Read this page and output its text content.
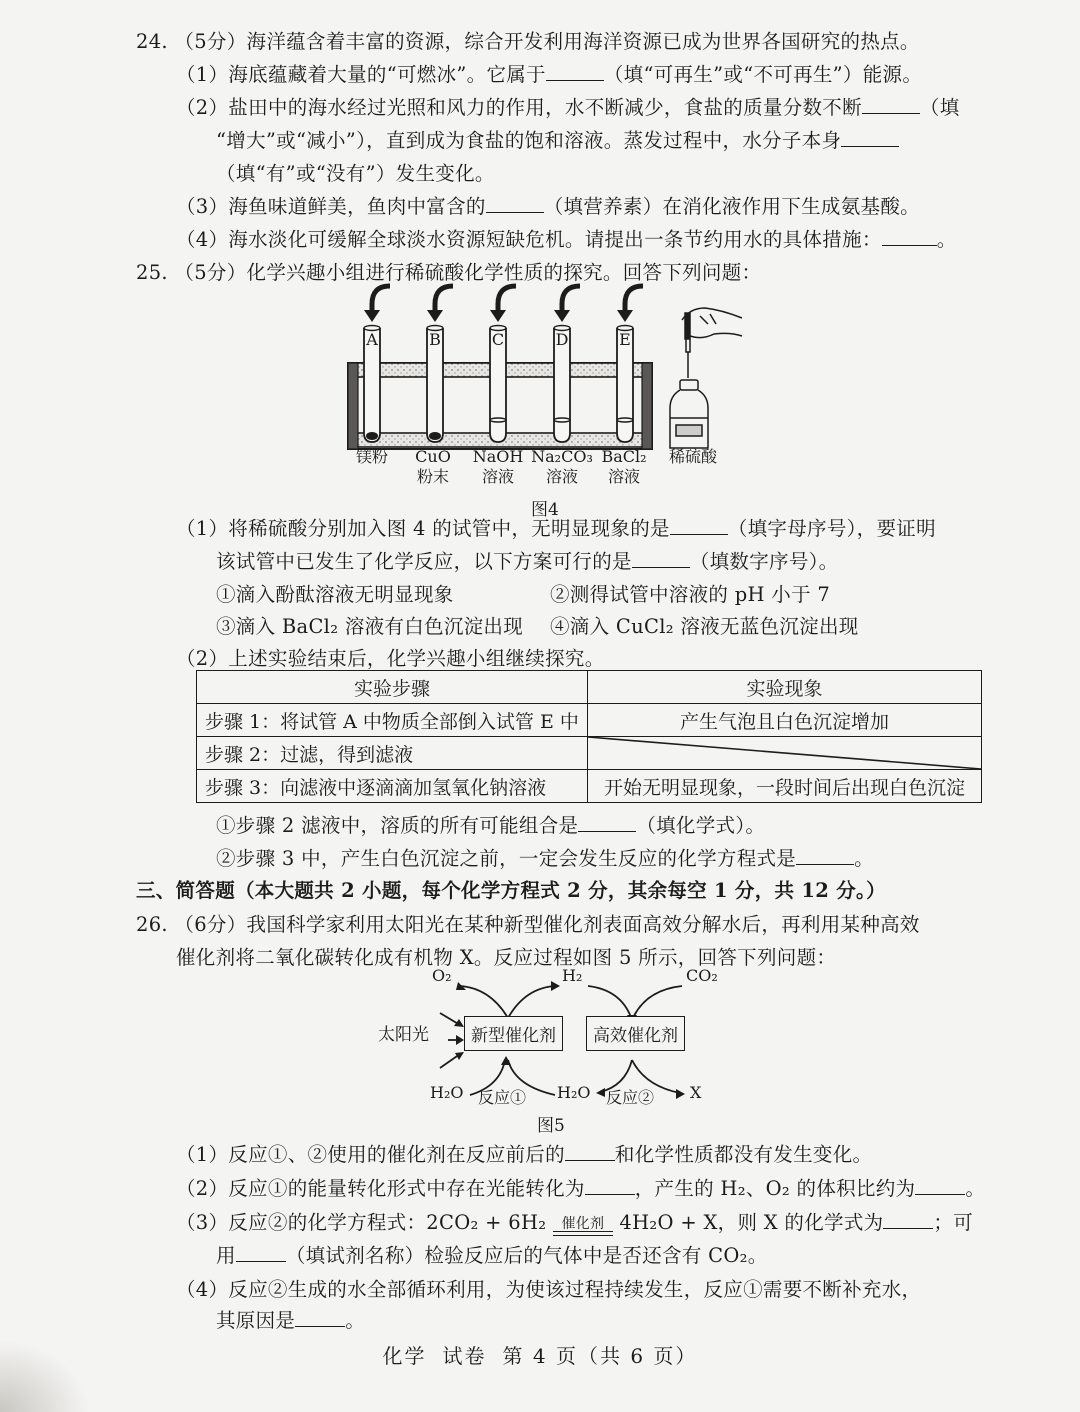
24. （5分）海洋蕴含着丰富的资源，综合开发利用海洋资源已成为世界各国研究的热点。
（1）海底蕴藏着大量的“可燃冰”。它属于	（填“可再生”或“不可再生”）能源。
（2）盐田中的海水经过光照和风力的作用，水不断减少，食盐的质量分数不断	（填
“增大”或“减小”），直到成为食盐的饱和溶液。蒸发过程中，水分子本身
（填“有”或“没有”）发生变化。
（3）海鱼味道鲜美，鱼肉中富含的	（填营养素）在消化液作用下生成氨基酸。
（4）海水淡化可缓解全球淡水资源短缺危机。请提出一条节约用水的具体措施：	。
25. （5分）化学兴趣小组进行稀硫酸化学性质的探究。回答下列问题：
A	B	C	D	E
镁粉	CuO
粉末
NaOH
溶液
Na₂CO₃
溶液
BaCl₂
溶液
稀硫酸
图4
（1）将稀硫酸分别加入图 4 的试管中，无明显现象的是	（填字母序号），要证明
该试管中已发生了化学反应，以下方案可行的是	（填数字序号）。
①滴入酚酞溶液无明显现象	②测得试管中溶液的 pH 小于 7
③滴入 BaCl₂ 溶液有白色沉淀出现 ④滴入 CuCl₂ 溶液无蓝色沉淀出现
（2）上述实验结束后，化学兴趣小组继续探究。
实验步骤	实验现象
步骤 1：将试管 A 中物质全部倒入试管 E 中	产生气泡且白色沉淀增加
步骤 2：过滤，得到滤液	

步骤 3：向滤液中逐滴滴加氢氧化钠溶液	开始无明显现象，一段时间后出现白色沉淀
①步骤 2 滤液中，溶质的所有可能组合是	（填化学式）。
②步骤 3 中，产生白色沉淀之前，一定会发生反应的化学方程式是	。
三、简答题（本大题共 2 小题，每个化学方程式 2 分，其余每空 1 分，共 12 分。）
26. （6分）我国科学家利用太阳光在某种新型催化剂表面高效分解水后，再利用某种高效
催化剂将二氧化碳转化成有机物 X。反应过程如图 5 所示，回答下列问题：
O₂	H₂	CO₂
太阳光	新型催化剂	高效催化剂
H₂O 反应① H₂O 反应② X
图5
（1）反应①、②使用的催化剂在反应前后的	和化学性质都没有发生变化。
（2）反应①的能量转化形式中存在光能转化为	，产生的 H₂、O₂ 的体积比约为	。
（3）反应②的化学方程式：2CO₂ + 6H₂	催化剂 4H₂O + X，则 X 的化学式为	；可
用	（填试剂名称）检验反应后的气体中是否还含有 CO₂。
（4）反应②生成的水全部循环利用，为使该过程持续发生，反应①需要不断补充水，
其原因是	。
化学 试卷 第 4 页（共 6 页）
